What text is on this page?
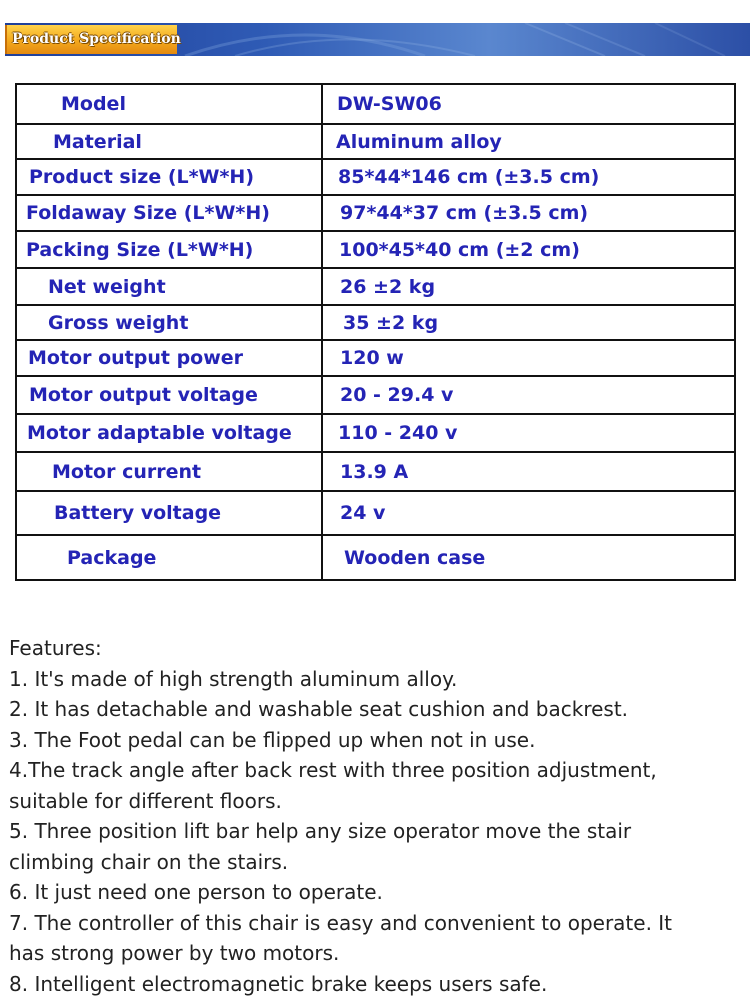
Product Specification
Model	DW-SW06
Material	Aluminum alloy
Product size (L*W*H)	85*44*146 cm (±3.5 cm)
Foldaway Size (L*W*H)	97*44*37 cm (±3.5 cm)
Packing Size (L*W*H)	100*45*40 cm (±2 cm)
Net weight	26 ±2 kg
Gross weight	35 ±2 kg
Motor output power	120 w
Motor output voltage	20 - 29.4 v
Motor adaptable voltage	110 - 240 v
Motor current	13.9 A
Battery voltage	24 v
Package	Wooden case

Features:

1. It's made of high strength aluminum alloy.

2. It has detachable and washable seat cushion and backrest.

3. The Foot pedal can be flipped up when not in use.

4.The track angle after back rest with three position adjustment,

suitable for different floors.

5. Three position lift bar help any size operator move the stair

climbing chair on the stairs.

6. It just need one person to operate.

7. The controller of this chair is easy and convenient to operate. It

has strong power by two motors.

8. Intelligent electromagnetic brake keeps users safe.
